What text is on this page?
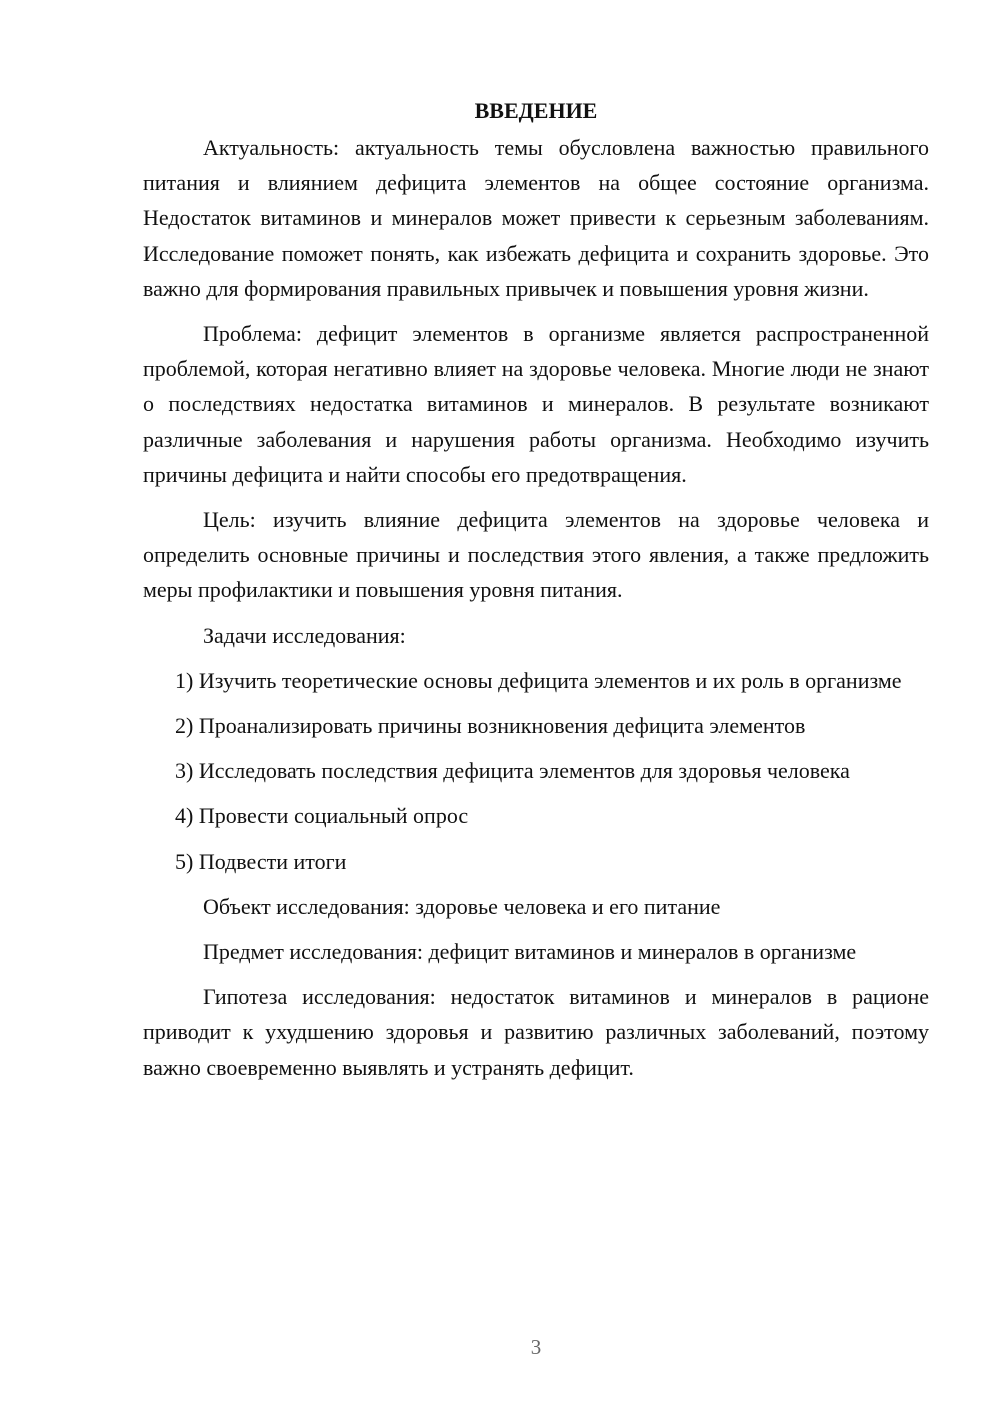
ВВЕДЕНИЕ

Актуальность: актуальность темы обусловлена важностью правильного питания и влиянием дефицита элементов на общее состояние организма. Недостаток витаминов и минералов может привести к серьезным заболеваниям. Исследование поможет понять, как избежать дефицита и сохранить здоровье. Это важно для формирования правильных привычек и повышения уровня жизни.

Проблема: дефицит элементов в организме является распространенной проблемой, которая негативно влияет на здоровье человека. Многие люди не знают о последствиях недостатка витаминов и минералов. В результате возникают различные заболевания и нарушения работы организма. Необходимо изучить причины дефицита и найти способы его предотвращения.

Цель: изучить влияние дефицита элементов на здоровье человека и определить основные причины и последствия этого явления, а также предложить меры профилактики и повышения уровня питания.

Задачи исследования:

1) Изучить теоретические основы дефицита элементов и их роль в организме

2) Проанализировать причины возникновения дефицита элементов

3) Исследовать последствия дефицита элементов для здоровья человека

4) Провести социальный опрос

5) Подвести итоги

Объект исследования: здоровье человека и его питание

Предмет исследования: дефицит витаминов и минералов в организме

Гипотеза исследования: недостаток витаминов и минералов в рационе приводит к ухудшению здоровья и развитию различных заболеваний, поэтому важно своевременно выявлять и устранять дефицит.

3
